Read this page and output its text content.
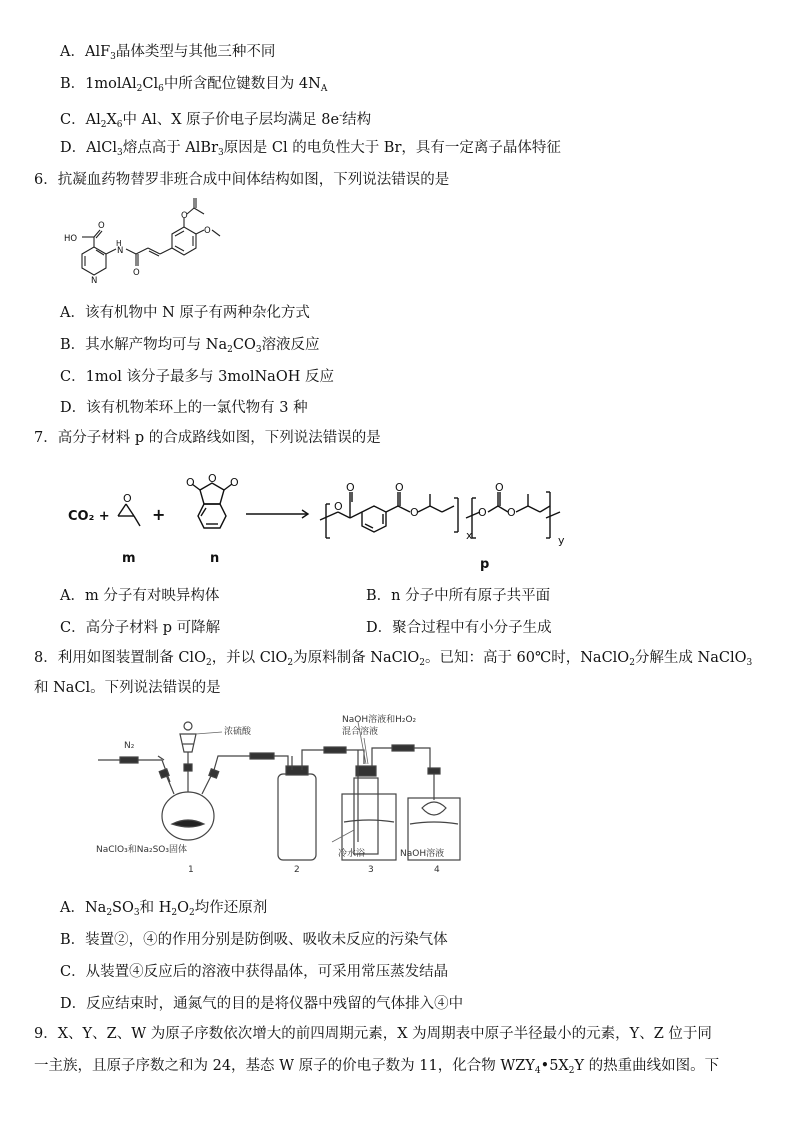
A．AlF$_3$晶体类型与其他三种不同
B．$1molAl_2Cl_6$中所含配位键数目为 $4N_A$
C．$Al_2X_6$中 Al、X 原子价电子层均满足 8e-结构
D．AlCl$_3$熔点高于 AlBr$_3$原因是 Cl 的电负性大于 Br，具有一定离子晶体特征
6．抗凝血药物替罗非班合成中间体结构如图，下列说法错误的是
HO
O
N
H
N
O
O
O
A．该有机物中 N 原子有两种杂化方式
B．其水解产物均可与 $Na_2CO_3$溶液反应
C．1mol 该分子最多与 3molNaOH 反应
D．该有机物苯环上的一氯代物有 3 种
7．高分子材料 p 的合成路线如图，下列说法错误的是
CO₂ +	+
m	n	p
x	y
O
O
O	O	O
O
O
O	O
O
O
A．m 分子有对映异构体	B．n 分子中所有原子共平面
C．高分子材料 p 可降解	D．聚合过程中有小分子生成
8．利用如图装置制备 ClO$_2$，并以 ClO$_2$为原料制备 NaClO$_2$。已知：高于 60℃时，NaClO$_2$分解生成 NaClO$_3$
和 NaCl。下列说法错误的是
N₂
浓硫酸
NaOH溶液和H₂O₂
混合溶液
NaClO₃和Na₂SO₃固体	冷水浴	NaOH溶液
1	2	3	4
A．$Na_2SO_3$和 $H_2O_2$均作还原剂
B．装置②，④的作用分别是防倒吸、吸收未反应的污染气体
C．从装置④反应后的溶液中获得晶体，可采用常压蒸发结晶
D．反应结束时，通氮气的目的是将仪器中残留的气体排入④中
9．X、Y、Z、W 为原子序数依次增大的前四周期元素，X 为周期表中原子半径最小的元素，Y、Z 位于同
一主族，且原子序数之和为 24，基态 W 原子的价电子数为 11，化合物 $WZY_4•5X_2Y$ 的热重曲线如图。下
